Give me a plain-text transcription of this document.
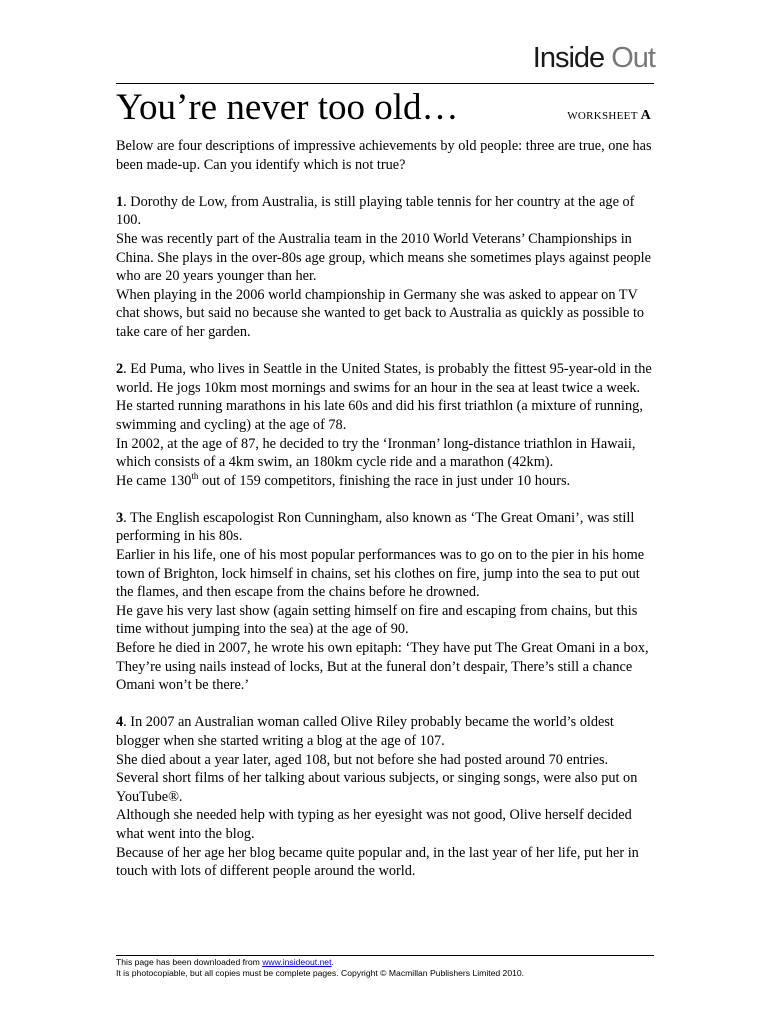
Inside Out
You’re never too old…	WORKSHEET A

Below are four descriptions of impressive achievements by old people: three are true, one has been made-up. Can you identify which is not true?

1. Dorothy de Low, from Australia, is still playing table tennis for her country at the age of 100.
She was recently part of the Australia team in the 2010 World Veterans’ Championships in China. She plays in the over-80s age group, which means she sometimes plays against people who are 20 years younger than her.
When playing in the 2006 world championship in Germany she was asked to appear on TV chat shows, but said no because she wanted to get back to Australia as quickly as possible to take care of her garden.

2. Ed Puma, who lives in Seattle in the United States, is probably the fittest 95-year-old in the world. He jogs 10km most mornings and swims for an hour in the sea at least twice a week.
He started running marathons in his late 60s and did his first triathlon (a mixture of running, swimming and cycling) at the age of 78.
In 2002, at the age of 87, he decided to try the ‘Ironman’ long-distance triathlon in Hawaii, which consists of a 4km swim, an 180km cycle ride and a marathon (42km).
He came 130th out of 159 competitors, finishing the race in just under 10 hours.

3. The English escapologist Ron Cunningham, also known as ‘The Great Omani’, was still performing in his 80s.
Earlier in his life, one of his most popular performances was to go on to the pier in his home town of Brighton, lock himself in chains, set his clothes on fire, jump into the sea to put out the flames, and then escape from the chains before he drowned.
He gave his very last show (again setting himself on fire and escaping from chains, but this time without jumping into the sea) at the age of 90.
Before he died in 2007, he wrote his own epitaph: ‘They have put The Great Omani in a box, They’re using nails instead of locks, But at the funeral don’t despair, There’s still a chance Omani won’t be there.’

4. In 2007 an Australian woman called Olive Riley probably became the world’s oldest blogger when she started writing a blog at the age of 107.
She died about a year later, aged 108, but not before she had posted around 70 entries.
Several short films of her talking about various subjects, or singing songs, were also put on YouTube®.
Although she needed help with typing as her eyesight was not good, Olive herself decided what went into the blog.
Because of her age her blog became quite popular and, in the last year of her life, put her in touch with lots of different people around the world.

This page has been downloaded from www.insideout.net.
It is photocopiable, but all copies must be complete pages. Copyright © Macmillan Publishers Limited 2010.
